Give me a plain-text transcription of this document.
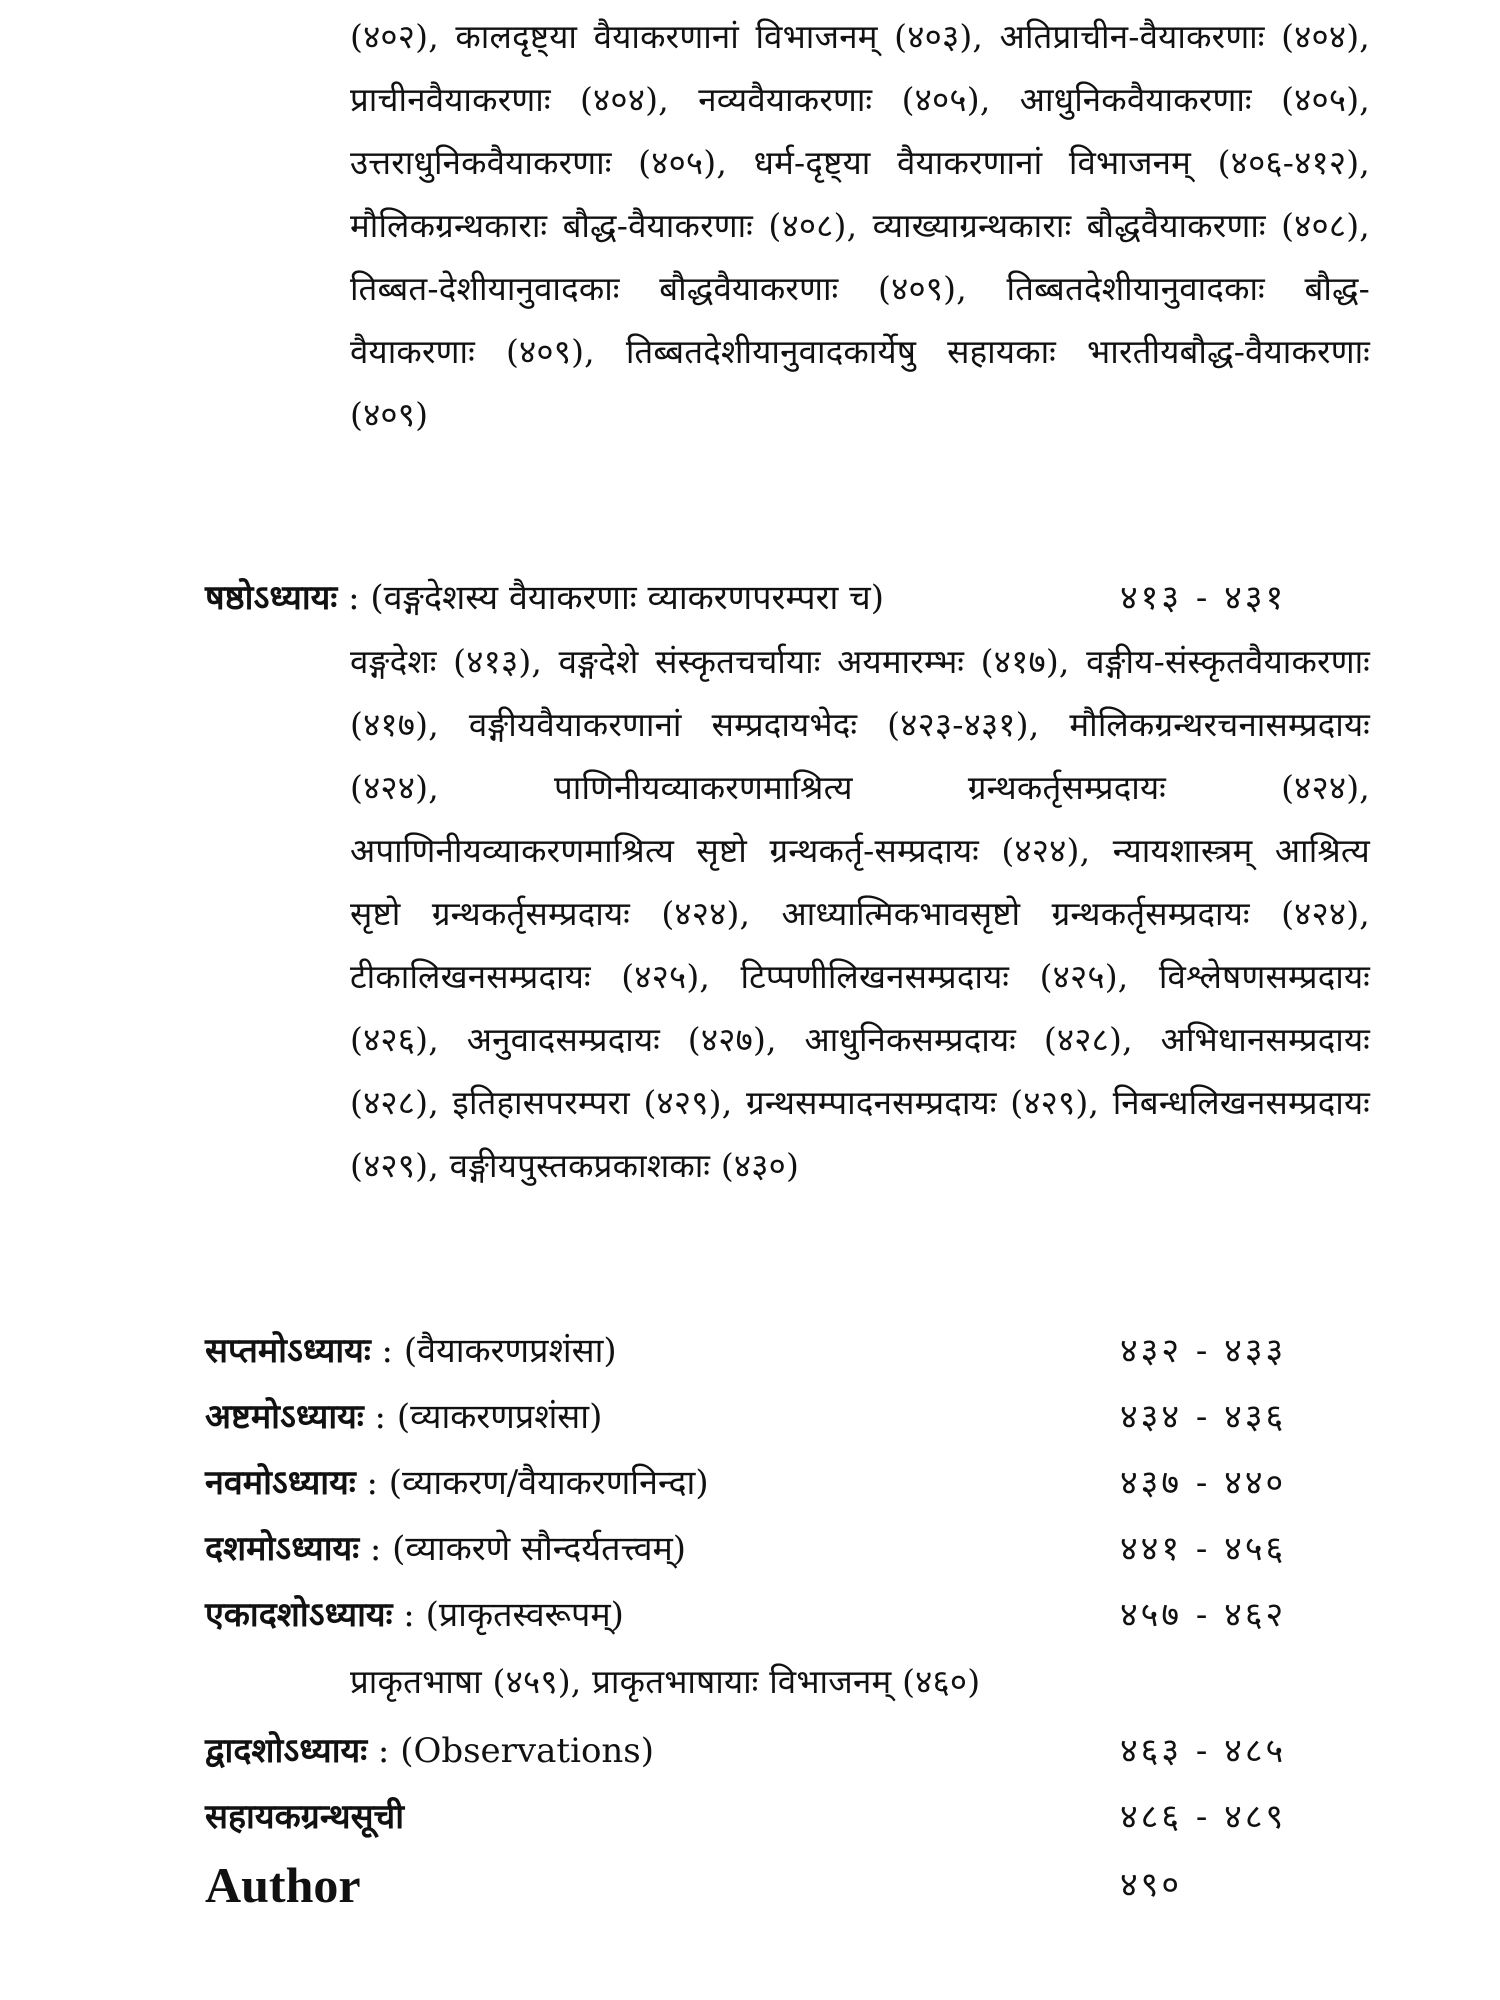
(४०२), कालदृष्ट्या वैयाकरणानां विभाजनम् (४०३), अतिप्राचीन-वैयाकरणाः (४०४), प्राचीनवैयाकरणाः (४०४), नव्यवैयाकरणाः (४०५), आधुनिकवैयाकरणाः (४०५), उत्तराधुनिकवैयाकरणाः (४०५), धर्म-दृष्ट्या वैयाकरणानां विभाजनम् (४०६-४१२), मौलिकग्रन्थकाराः बौद्ध-वैयाकरणाः (४०८), व्याख्याग्रन्थकाराः बौद्धवैयाकरणाः (४०८), तिब्बत-देशीयानुवादकाः बौद्धवैयाकरणाः (४०९), तिब्बतदेशीयानुवादकाः बौद्ध-वैयाकरणाः (४०९), तिब्बतदेशीयानुवादकार्येषु सहायकाः भारतीयबौद्ध-वैयाकरणाः (४०९)

षष्ठोऽध्यायः : (वङ्गदेशस्य वैयाकरणाः व्याकरणपरम्परा च)	४१३ - ४३१

वङ्गदेशः (४१३), वङ्गदेशे संस्कृतचर्चायाः अयमारम्भः (४१७), वङ्गीय-संस्कृतवैयाकरणाः (४१७), वङ्गीयवैयाकरणानां सम्प्रदायभेदः (४२३-४३१), मौलिकग्रन्थरचनासम्प्रदायः (४२४), पाणिनीयव्याकरणमाश्रित्य ग्रन्थकर्तृसम्प्रदायः (४२४), अपाणिनीयव्याकरणमाश्रित्य सृष्टो ग्रन्थकर्तृ-सम्प्रदायः (४२४), न्यायशास्त्रम् आश्रित्य सृष्टो ग्रन्थकर्तृसम्प्रदायः (४२४), आध्यात्मिकभावसृष्टो ग्रन्थकर्तृसम्प्रदायः (४२४), टीकालिखनसम्प्रदायः (४२५), टिप्पणीलिखनसम्प्रदायः (४२५), विश्लेषणसम्प्रदायः (४२६), अनुवादसम्प्रदायः (४२७), आधुनिकसम्प्रदायः (४२८), अभिधानसम्प्रदायः (४२८), इतिहासपरम्परा (४२९), ग्रन्थसम्पादनसम्प्रदायः (४२९), निबन्धलिखनसम्प्रदायः (४२९), वङ्गीयपुस्तकप्रकाशकाः (४३०)

सप्तमोऽध्यायः : (वैयाकरणप्रशंसा)	४३२ - ४३३
अष्टमोऽध्यायः : (व्याकरणप्रशंसा)	४३४ - ४३६
नवमोऽध्यायः : (व्याकरण/वैयाकरणनिन्दा)	४३७ - ४४०
दशमोऽध्यायः : (व्याकरणे सौन्दर्यतत्त्वम्)	४४१ - ४५६
एकादशोऽध्यायः : (प्राकृतस्वरूपम्)	४५७ - ४६२

प्राकृतभाषा (४५९), प्राकृतभाषायाः विभाजनम् (४६०)

द्वादशोऽध्यायः : (Observations)	४६३ - ४८५
सहायकग्रन्थसूची	४८६ - ४८९
Author	४९०
